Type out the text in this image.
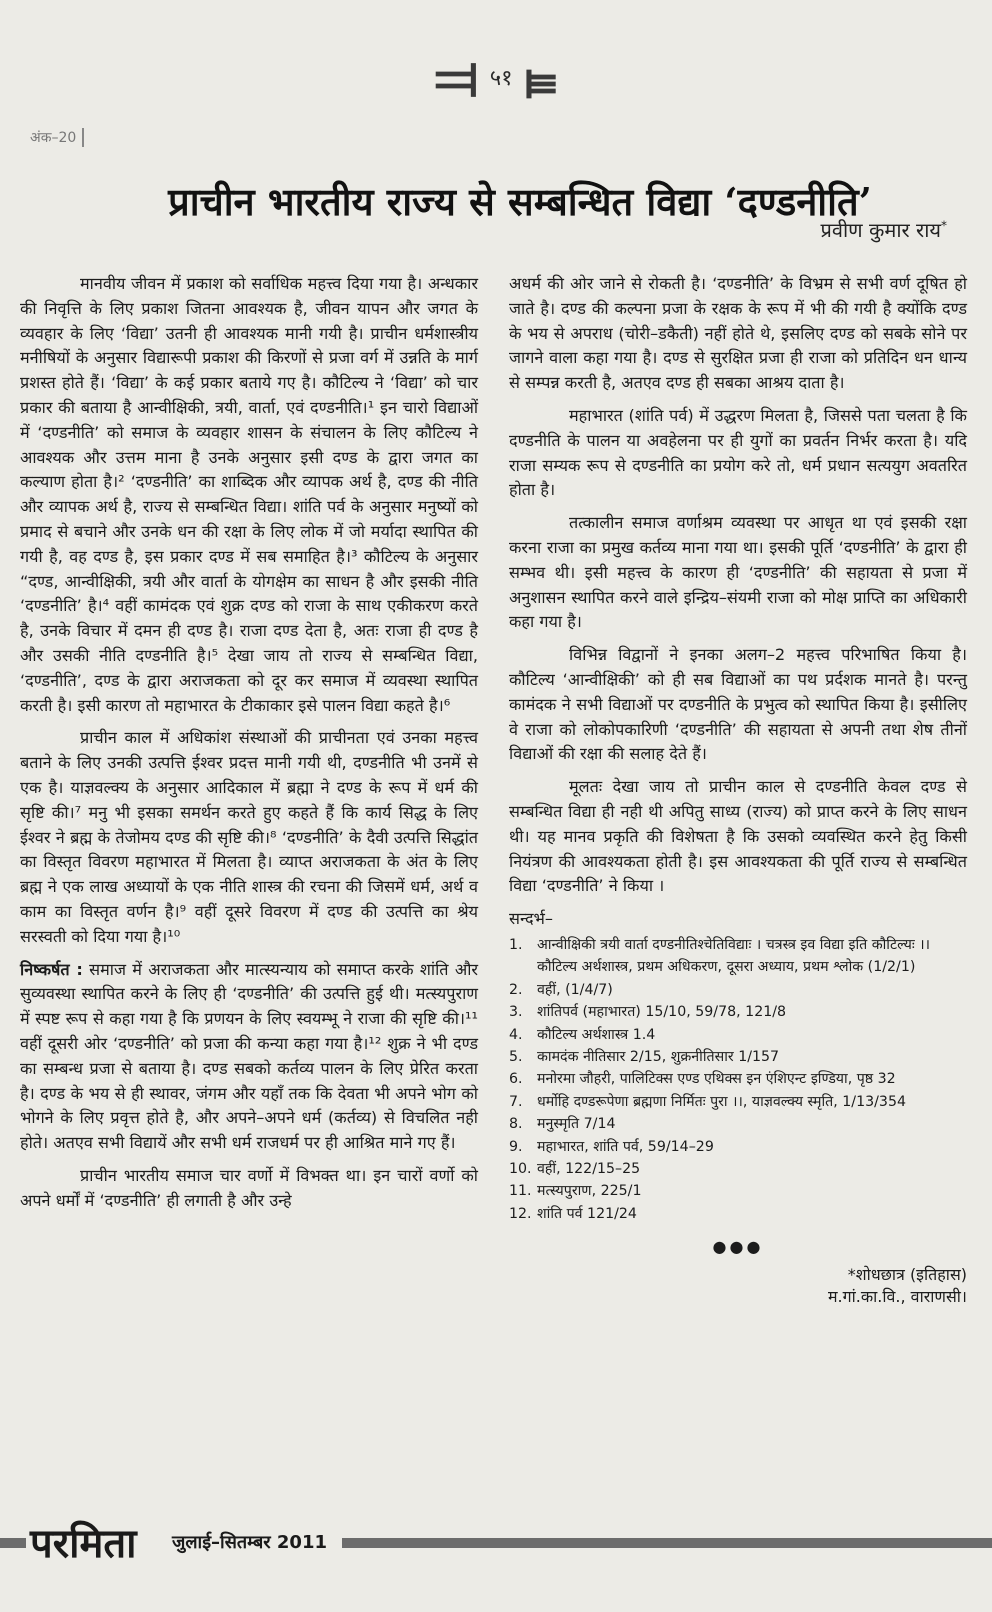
⫤ ५१ ⫢
अंक–20
प्राचीन भारतीय राज्य से सम्बन्धित विद्या ‘दण्डनीति’
प्रवीण कुमार राय*

मानवीय जीवन में प्रकाश को सर्वाधिक महत्त्व दिया गया है। अन्धकार की निवृत्ति के लिए प्रकाश जितना आवश्यक है, जीवन यापन और जगत के व्यवहार के लिए ‘विद्या’ उतनी ही आवश्यक मानी गयी है। प्राचीन धर्मशास्त्रीय मनीषियों के अनुसार विद्यारूपी प्रकाश की किरणों से प्रजा वर्ग में उन्नति के मार्ग प्रशस्त होते हैं। ‘विद्या’ के कई प्रकार बताये गए है। कौटिल्य ने ‘विद्या’ को चार प्रकार की बताया है आन्वीक्षिकी, त्रयी, वार्ता, एवं दण्डनीति।¹ इन चारो विद्याओं में ‘दण्डनीति’ को समाज के व्यवहार शासन के संचालन के लिए कौटिल्य ने आवश्यक और उत्तम माना है उनके अनुसार इसी दण्ड के द्वारा जगत का कल्याण होता है।² ‘दण्डनीति’ का शाब्दिक और व्यापक अर्थ है, दण्ड की नीति और व्यापक अर्थ है, राज्य से सम्बन्धित विद्या। शांति पर्व के अनुसार मनुष्यों को प्रमाद से बचाने और उनके धन की रक्षा के लिए लोक में जो मर्यादा स्थापित की गयी है, वह दण्ड है, इस प्रकार दण्ड में सब समाहित है।³ कौटिल्य के अनुसार “दण्ड, आन्वीक्षिकी, त्रयी और वार्ता के योगक्षेम का साधन है और इसकी नीति ‘दण्डनीति’ है।⁴ वहीं कामंदक एवं शुक्र दण्ड को राजा के साथ एकीकरण करते है, उनके विचार में दमन ही दण्ड है। राजा दण्ड देता है, अतः राजा ही दण्ड है और उसकी नीति दण्डनीति है।⁵ देखा जाय तो राज्य से सम्बन्धित विद्या, ‘दण्डनीति’, दण्ड के द्वारा अराजकता को दूर कर समाज में व्यवस्था स्थापित करती है। इसी कारण तो महाभारत के टीकाकार इसे पालन विद्या कहते है।⁶

प्राचीन काल में अधिकांश संस्थाओं की प्राचीनता एवं उनका महत्त्व बताने के लिए उनकी उत्पत्ति ईश्वर प्रदत्त मानी गयी थी, दण्डनीति भी उनमें से एक है। याज्ञवल्क्य के अनुसार आदिकाल में ब्रह्मा ने दण्ड के रूप में धर्म की सृष्टि की।⁷ मनु भी इसका समर्थन करते हुए कहते हैं कि कार्य सिद्ध के लिए ईश्वर ने ब्रह्म के तेजोमय दण्ड की सृष्टि की।⁸ ‘दण्डनीति’ के दैवी उत्पत्ति सिद्धांत का विस्तृत विवरण महाभारत में मिलता है। व्याप्त अराजकता के अंत के लिए ब्रह्म ने एक लाख अध्यायों के एक नीति शास्त्र की रचना की जिसमें धर्म, अर्थ व काम का विस्तृत वर्णन है।⁹ वहीं दूसरे विवरण में दण्ड की उत्पत्ति का श्रेय सरस्वती को दिया गया है।¹⁰

निष्कर्षत : समाज में अराजकता और मात्स्यन्याय को समाप्त करके शांति और सुव्यवस्था स्थापित करने के लिए ही ‘दण्डनीति’ की उत्पत्ति हुई थी। मत्स्यपुराण में स्पष्ट रूप से कहा गया है कि प्रणयन के लिए स्वयम्भू ने राजा की सृष्टि की।¹¹ वहीं दूसरी ओर ‘दण्डनीति’ को प्रजा की कन्या कहा गया है।¹² शुक्र ने भी दण्ड का सम्बन्ध प्रजा से बताया है। दण्ड सबको कर्तव्य पालन के लिए प्रेरित करता है। दण्ड के भय से ही स्थावर, जंगम और यहाँ तक कि देवता भी अपने भोग को भोगने के लिए प्रवृत्त होते है, और अपने–अपने धर्म (कर्तव्य) से विचलित नही होते। अतएव सभी विद्यायें और सभी धर्म राजधर्म पर ही आश्रित माने गए हैं।

प्राचीन भारतीय समाज चार वर्णो में विभक्त था। इन चारों वर्णो को अपने धर्मों में ‘दण्डनीति’ ही लगाती है और उन्हे

अधर्म की ओर जाने से रोकती है। ‘दण्डनीति’ के विभ्रम से सभी वर्ण दूषित हो जाते है। दण्ड की कल्पना प्रजा के रक्षक के रूप में भी की गयी है क्योंकि दण्ड के भय से अपराध (चोरी–डकैती) नहीं होते थे, इसलिए दण्ड को सबके सोने पर जागने वाला कहा गया है। दण्ड से सुरक्षित प्रजा ही राजा को प्रतिदिन धन धान्य से सम्पन्न करती है, अतएव दण्ड ही सबका आश्रय दाता है।

महाभारत (शांति पर्व) में उद्धरण मिलता है, जिससे पता चलता है कि दण्डनीति के पालन या अवहेलना पर ही युगों का प्रवर्तन निर्भर करता है। यदि राजा सम्यक रूप से दण्डनीति का प्रयोग करे तो, धर्म प्रधान सत्ययुग अवतरित होता है।

तत्कालीन समाज वर्णाश्रम व्यवस्था पर आधृत था एवं इसकी रक्षा करना राजा का प्रमुख कर्तव्य माना गया था। इसकी पूर्ति ‘दण्डनीति’ के द्वारा ही सम्भव थी। इसी महत्त्व के कारण ही ‘दण्डनीति’ की सहायता से प्रजा में अनुशासन स्थापित करने वाले इन्द्रिय–संयमी राजा को मोक्ष प्राप्ति का अधिकारी कहा गया है।

विभिन्न विद्वानों ने इनका अलग–2 महत्त्व परिभाषित किया है। कौटिल्य ‘आन्वीक्षिकी’ को ही सब विद्याओं का पथ प्रर्दशक मानते है। परन्तु कामंदक ने सभी विद्याओं पर दण्डनीति के प्रभुत्व को स्थापित किया है। इसीलिए वे राजा को लोकोपकारिणी ‘दण्डनीति’ की सहायता से अपनी तथा शेष तीनों विद्याओं की रक्षा की सलाह देते हैं।

मूलतः देखा जाय तो प्राचीन काल से दण्डनीति केवल दण्ड से सम्बन्धित विद्या ही नही थी अपितु साध्य (राज्य) को प्राप्त करने के लिए साधन थी। यह मानव प्रकृति की विशेषता है कि उसको व्यवस्थित करने हेतु किसी नियंत्रण की आवश्यकता होती है। इस आवश्यकता की पूर्ति राज्य से सम्बन्धित विद्या ‘दण्डनीति’ ने किया ।

सन्दर्भ–
1.	आन्वीक्षिकी त्रयी वार्ता दण्डनीतिश्चेतिविद्याः । चत्रस्त्र इव विद्या इति कौटिल्यः ।।
कौटिल्य अर्थशास्त्र, प्रथम अधिकरण, दूसरा अध्याय, प्रथम श्लोक (1/2/1)
2.	वहीं, (1/4/7)
3.	शांतिपर्व (महाभारत) 15/10, 59/78, 121/8
4.	कौटिल्य अर्थशास्त्र 1.4
5.	कामदंक नीतिसार 2/15, शुक्रनीतिसार 1/157
6.	मनोरमा जौहरी, पालिटिक्स एण्ड एथिक्स इन एंशिएन्ट इण्डिया, पृष्ठ 32
7.	धर्मोहि दण्डरूपेणा ब्रह्मणा निर्मितः पुरा ।।, याज्ञवल्क्य स्मृति, 1/13/354
8.	मनुस्मृति 7/14
9.	महाभारत, शांति पर्व, 59/14–29
10. वहीं, 122/15–25
11. मत्स्यपुराण, 225/1
12. शांति पर्व 121/24
●●●
*शोधछात्र (इतिहास)
म.गां.का.वि., वाराणसी।
परमिता जुलाई–सितम्बर 2011
